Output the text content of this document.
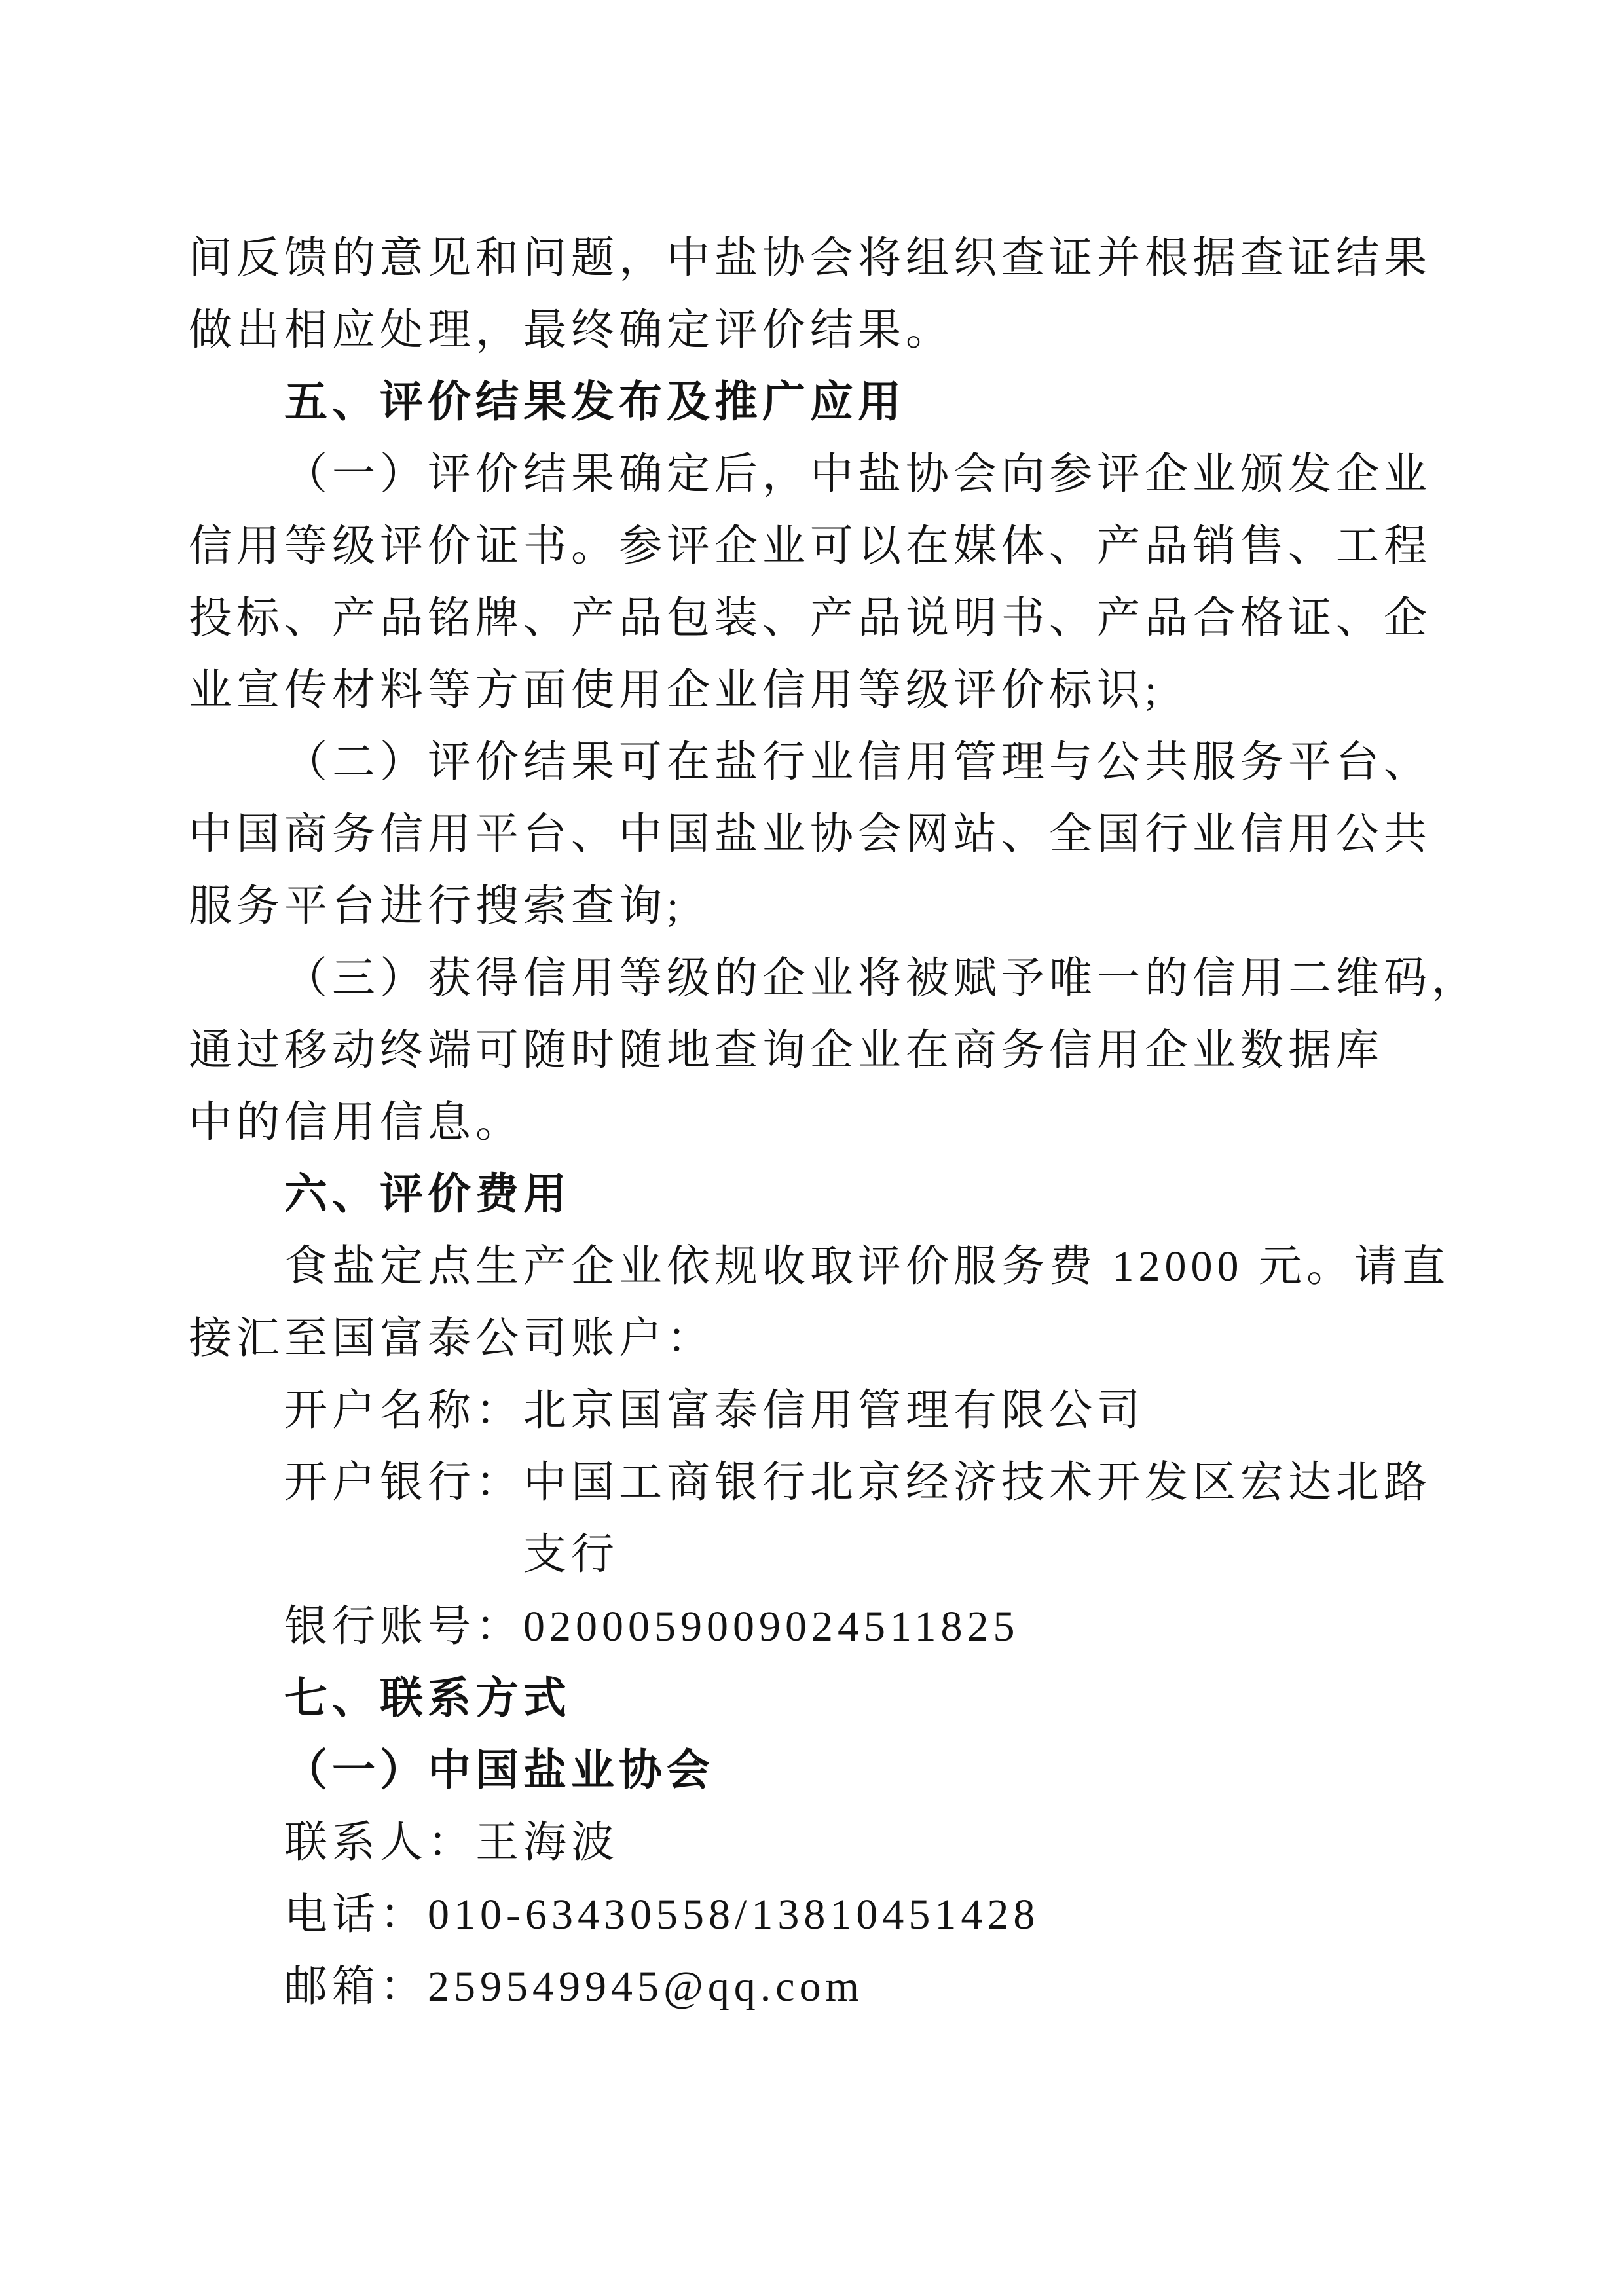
间反馈的意见和问题，中盐协会将组织查证并根据查证结果
做出相应处理，最终确定评价结果。
五、评价结果发布及推广应用
（一）评价结果确定后，中盐协会向参评企业颁发企业
信用等级评价证书。参评企业可以在媒体、产品销售、工程
投标、产品铭牌、产品包装、产品说明书、产品合格证、企
业宣传材料等方面使用企业信用等级评价标识;
（二）评价结果可在盐行业信用管理与公共服务平台、
中国商务信用平台、中国盐业协会网站、全国行业信用公共
服务平台进行搜索查询;
（三）获得信用等级的企业将被赋予唯一的信用二维码，
通过移动终端可随时随地查询企业在商务信用企业数据库
中的信用信息。
六、评价费用
食盐定点生产企业依规收取评价服务费 12000 元。请直
接汇至国富泰公司账户：
开户名称：北京国富泰信用管理有限公司
开户银行：中国工商银行北京经济技术开发区宏达北路
支行
银行账号：0200059009024511825
七、联系方式
（一）中国盐业协会
联系人：王海波
电话：010-63430558/13810451428
邮箱：259549945@qq.com
